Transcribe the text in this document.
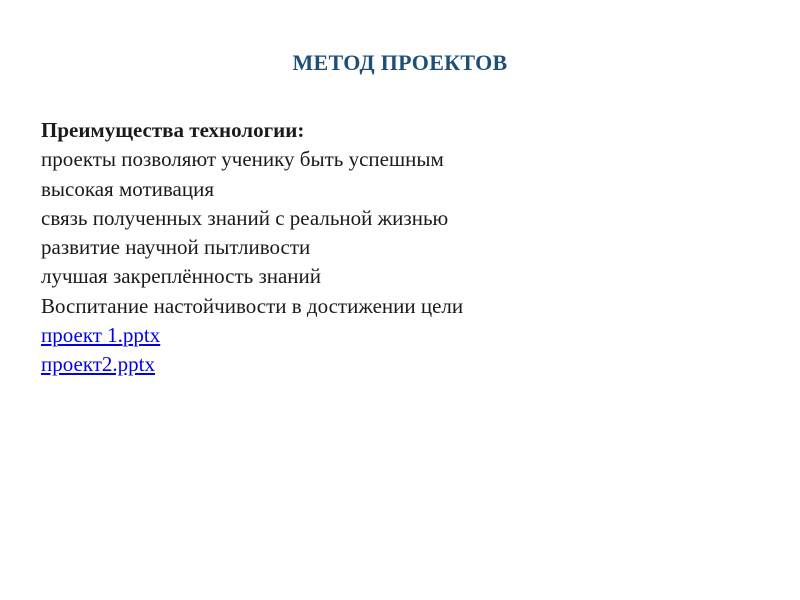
МЕТОД ПРОЕКТОВ
Преимущества технологии:
проекты позволяют ученику быть успешным
высокая мотивация
связь полученных знаний с реальной жизнью
развитие научной пытливости
лучшая закреплённость знаний
Воспитание настойчивости в достижении цели
проект 1.pptx
проект2.pptx
